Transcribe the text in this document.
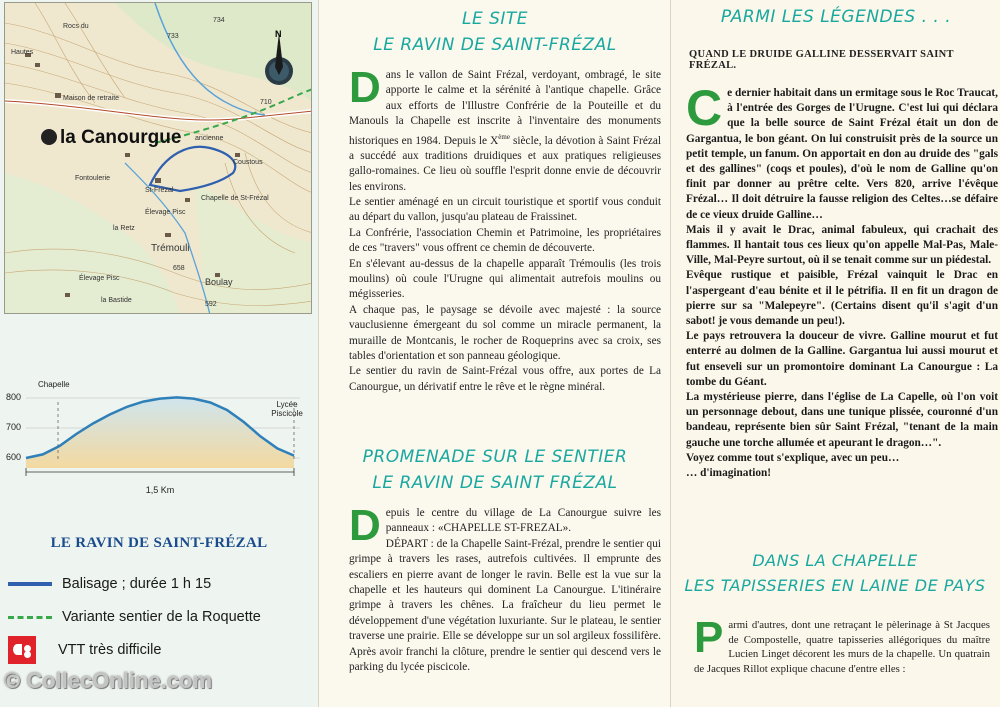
N
Hautes
Rocs du
Maison de retraite
Fontoulerie
ancienne
Coustous
Chapelle de St-Frézal
St-Frézal
Élevage Pisc
la Retz
Trémouli
Boulay
Élevage Pisc
la Bastide
734
733
710
658
592
la Canourgue
800
700
600
Chapelle
Lycée Piscicole
1,5 Km
LE RAVIN DE SAINT-FRÉZAL
Balisage ; durée 1 h 15
Variante sentier de la Roquette
VTT très difficile
© CollecOnline.com
LE SITE
LE RAVIN DE SAINT-FRÉZAL

Dans le vallon de Saint Frézal, verdoyant, ombragé, le site apporte le calme et la sérénité à l'antique chapelle. Grâce aux efforts de l'Illustre Confrérie de la Pouteille et du Manouls la Chapelle est inscrite à l'inventaire des monuments historiques en 1984. Depuis le Xème siècle, la dévotion à Saint Frézal a succédé aux traditions druidiques et aux pratiques religieuses gallo-romaines. Ce lieu où souffle l'esprit donne envie de découvrir les environs.

Le sentier aménagé en un circuit touristique et sportif vous conduit au départ du vallon, jusqu'au plateau de Fraissinet.

La Confrérie, l'association Chemin et Patrimoine, les propriétaires de ces "travers" vous offrent ce chemin de découverte.

En s'élevant au-dessus de la chapelle apparaît Trémoulis (les trois moulins) où coule l'Urugne qui alimentait autrefois moulins ou mégisseries.

A chaque pas, le paysage se dévoile avec majesté : la source vauclusienne émergeant du sol comme un miracle permanent, la muraille de Montcanis, le rocher de Roqueprins avec sa croix, ses tables d'orientation et son panneau géologique.

Le sentier du ravin de Saint-Frézal vous offre, aux portes de La Canourgue, un dérivatif entre le rêve et le règne minéral.

PROMENADE SUR LE SENTIER
LE RAVIN DE SAINT FRÉZAL

Depuis le centre du village de La Canourgue suivre les panneaux : «CHAPELLE ST-FREZAL».

DÉPART : de la Chapelle Saint-Frézal, prendre le sentier qui grimpe à travers les rases, autrefois cultivées. Il emprunte des escaliers en pierre avant de longer le ravin. Belle est la vue sur la chapelle et les hauteurs qui dominent La Canourgue. L'itinéraire grimpe à travers les chênes. La fraîcheur du lieu permet le développement d'une végétation luxuriante. Sur le plateau, le sentier traverse une prairie. Elle se développe sur un sol argileux fossilifère. Après avoir franchi la clôture, prendre le sentier qui descend vers le parking du lycée piscicole.

PARMI LES LÉGENDES . . .
QUAND LE DRUIDE GALLINE DESSERVAIT SAINT FRÉZAL.

Ce dernier habitait dans un ermitage sous le Roc Traucat, à l'entrée des Gorges de l'Urugne. C'est lui qui déclara que la belle source de Saint Frézal était un don de Gargantua, le bon géant. On lui construisit près de la source un petit temple, un fanum. On apportait en don au druide des "gals et des gallines" (coqs et poules), d'où le nom de Galline qu'on finit par donner au prêtre celte. Vers 820, arrive l'évêque Frézal… Il doit détruire la fausse religion des Celtes…se défaire de ce vieux druide Galline…

Mais il y avait le Drac, animal fabuleux, qui crachait des flammes. Il hantait tous ces lieux qu'on appelle Mal-Pas, Male-Ville, Mal-Peyre surtout, où il se tenait comme sur un piédestal.

Evêque rustique et paisible, Frézal vainquit le Drac en l'aspergeant d'eau bénite et il le pétrifia. Il en fit un dragon de pierre sur sa "Malepeyre". (Certains disent qu'il s'agit d'un sabot! je vous demande un peu!).

Le pays retrouvera la douceur de vivre. Galline mourut et fut enterré au dolmen de la Galline. Gargantua lui aussi mourut et fut enseveli sur un promontoire dominant La Canourgue : La tombe du Géant.

La mystérieuse pierre, dans l'église de La Capelle, où l'on voit un personnage debout, dans une tunique plissée, couronné d'un bandeau, représente bien sûr Saint Frézal, "tenant de la main gauche une torche allumée et apeurant le dragon…".

Voyez comme tout s'explique, avec un peu…

… d'imagination!

DANS LA CHAPELLE
LES TAPISSERIES EN LAINE DE PAYS

Parmi d'autres, dont une retraçant le pèlerinage à St Jacques de Compostelle, quatre tapisseries allégoriques du maître Lucien Linget décorent les murs de la chapelle. Un quatrain de Jacques Rillot explique chacune d'entre elles :
